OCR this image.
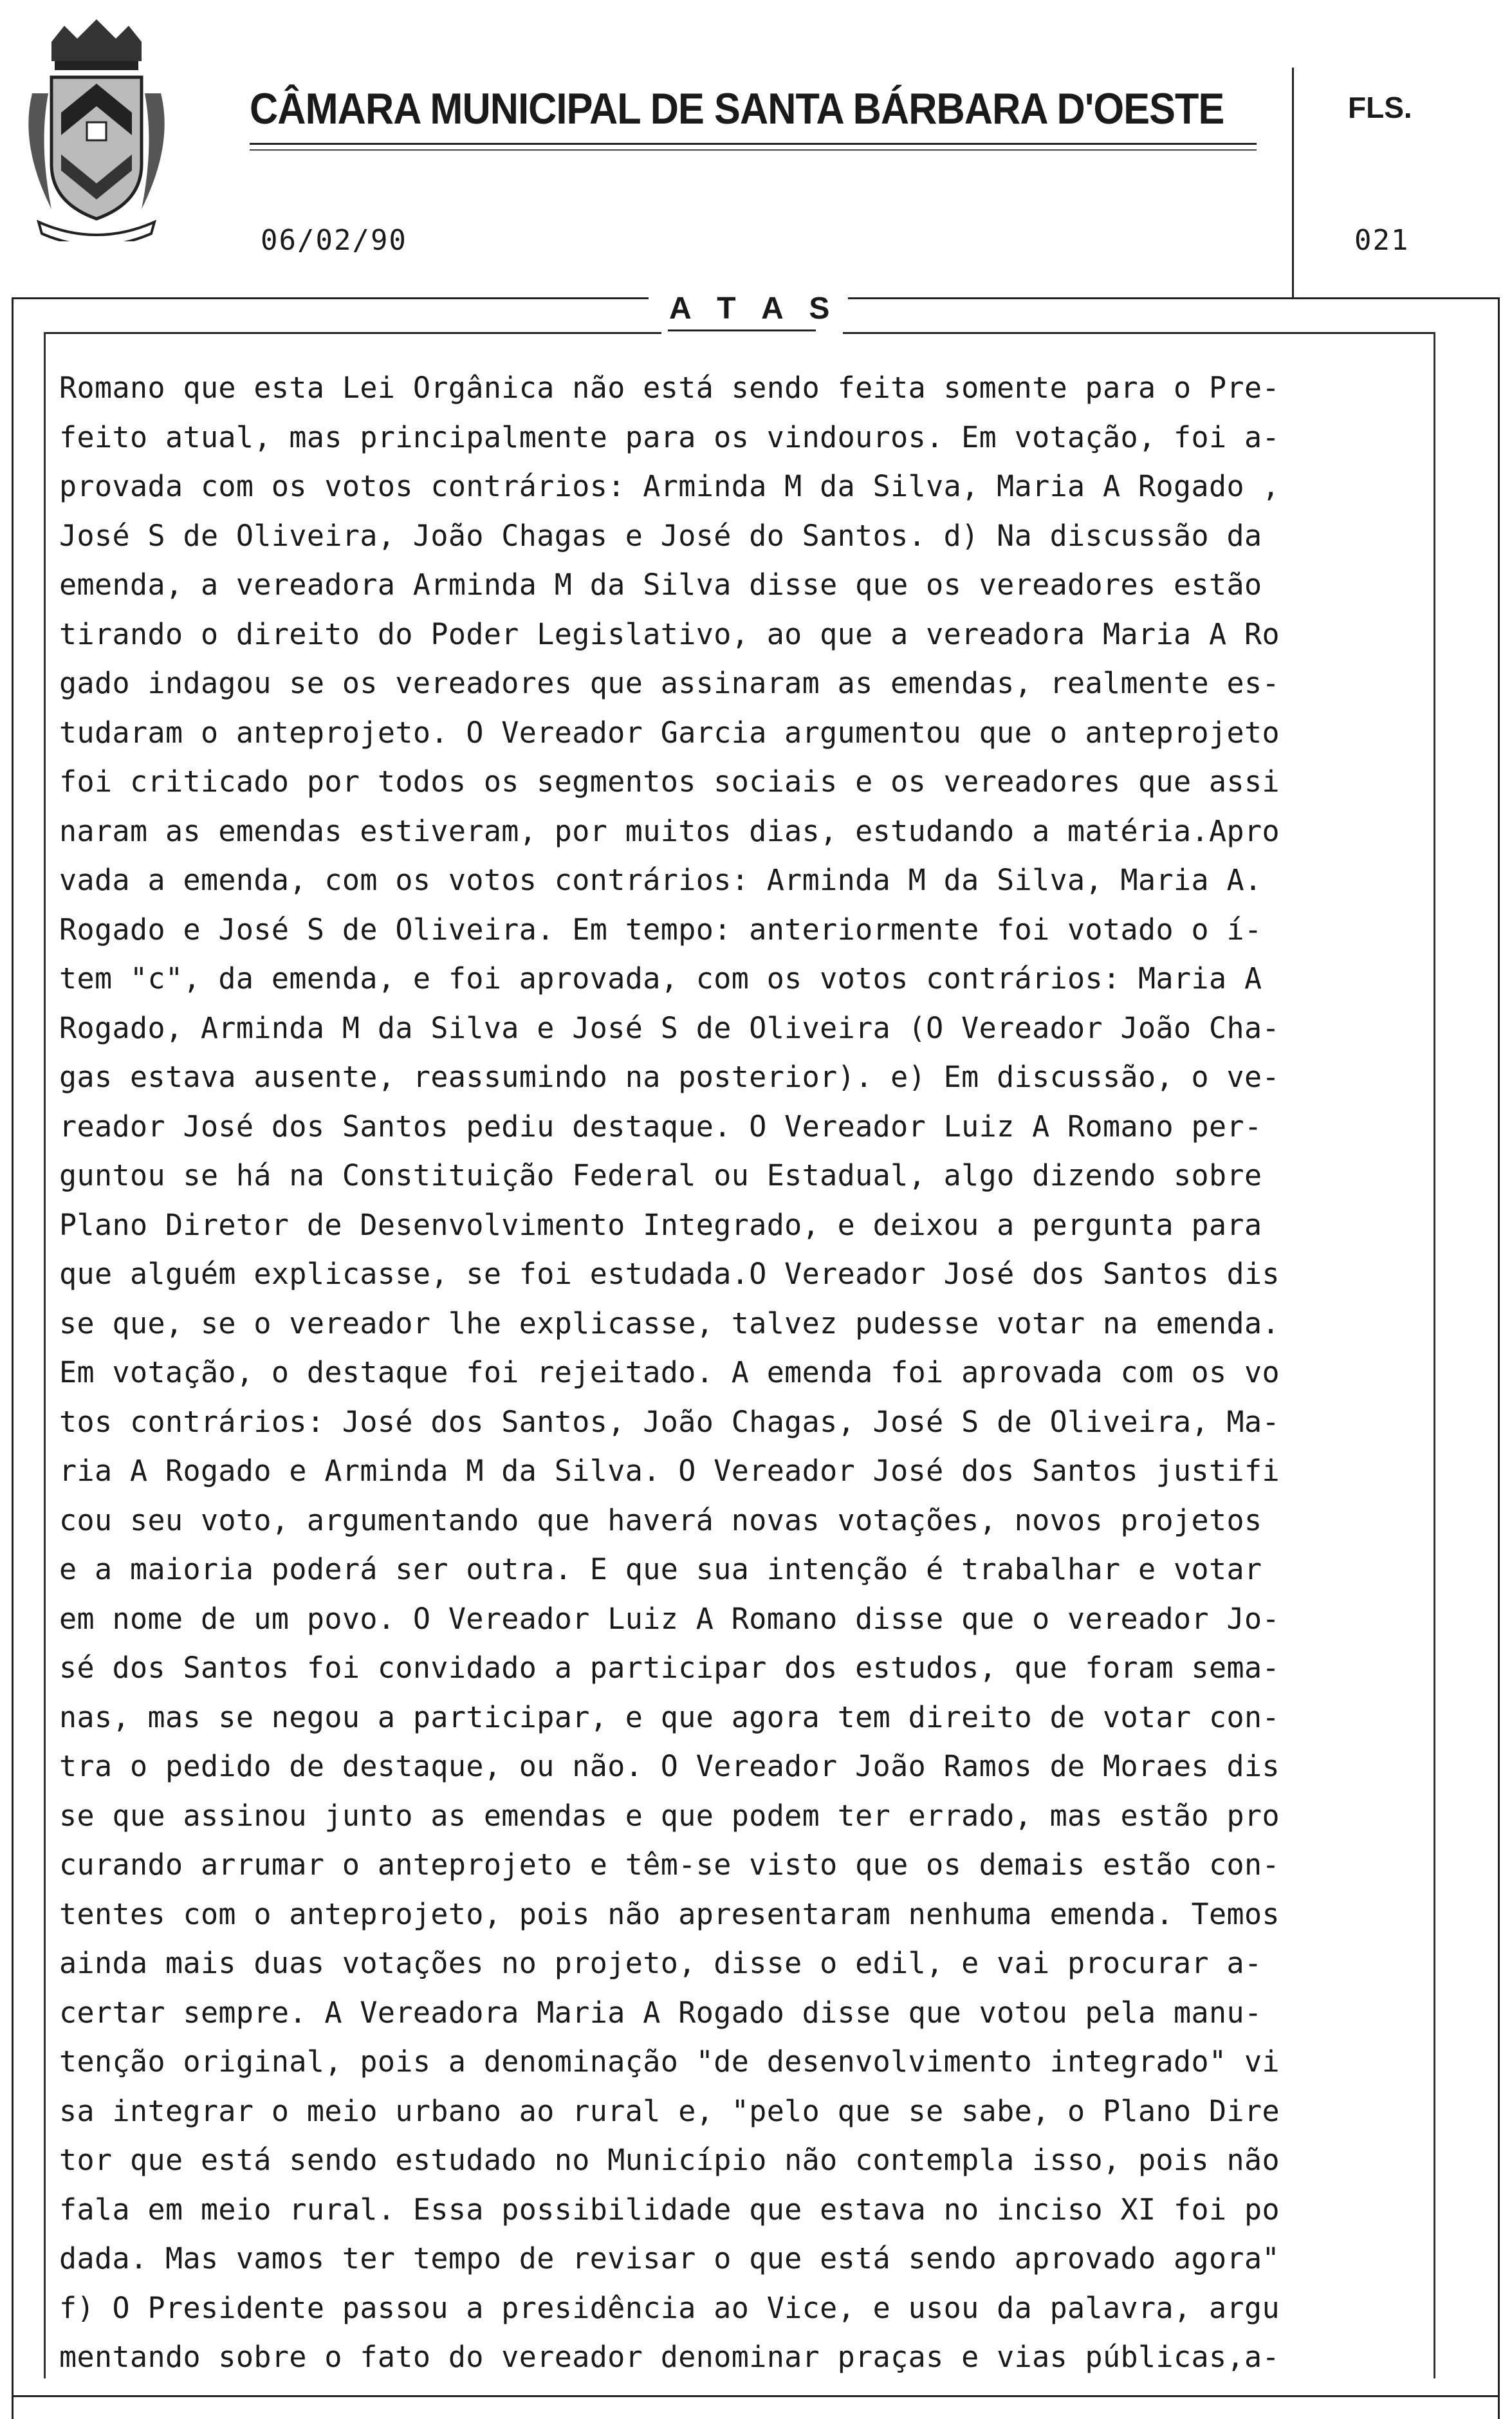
CÂMARA MUNICIPAL DE SANTA BÁRBARA D'OESTE	FLS.
06/02/90	021
A T A S
Romano que esta Lei Orgânica não está sendo feita somente para o Pre-
feito atual, mas principalmente para os vindouros. Em votação, foi a-
provada com os votos contrários: Arminda M da Silva, Maria A Rogado ,
José S de Oliveira, João Chagas e José do Santos. d) Na discussão da
emenda, a vereadora Arminda M da Silva disse que os vereadores estão
tirando o direito do Poder Legislativo, ao que a vereadora Maria A Ro
gado indagou se os vereadores que assinaram as emendas, realmente es-
tudaram o anteprojeto. O Vereador Garcia argumentou que o anteprojeto
foi criticado por todos os segmentos sociais e os vereadores que assi
naram as emendas estiveram, por muitos dias, estudando a matéria.Apro
vada a emenda, com os votos contrários: Arminda M da Silva, Maria A.
Rogado e José S de Oliveira. Em tempo: anteriormente foi votado o í-
tem "c", da emenda, e foi aprovada, com os votos contrários: Maria A
Rogado, Arminda M da Silva e José S de Oliveira (O Vereador João Cha-
gas estava ausente, reassumindo na posterior). e) Em discussão, o ve-
reador José dos Santos pediu destaque. O Vereador Luiz A Romano per-
guntou se há na Constituição Federal ou Estadual, algo dizendo sobre
Plano Diretor de Desenvolvimento Integrado, e deixou a pergunta para
que alguém explicasse, se foi estudada.O Vereador José dos Santos dis
se que, se o vereador lhe explicasse, talvez pudesse votar na emenda.
Em votação, o destaque foi rejeitado. A emenda foi aprovada com os vo
tos contrários: José dos Santos, João Chagas, José S de Oliveira, Ma-
ria A Rogado e Arminda M da Silva. O Vereador José dos Santos justifi
cou seu voto, argumentando que haverá novas votações, novos projetos
e a maioria poderá ser outra. E que sua intenção é trabalhar e votar
em nome de um povo. O Vereador Luiz A Romano disse que o vereador Jo-
sé dos Santos foi convidado a participar dos estudos, que foram sema-
nas, mas se negou a participar, e que agora tem direito de votar con-
tra o pedido de destaque, ou não. O Vereador João Ramos de Moraes dis
se que assinou junto as emendas e que podem ter errado, mas estão pro
curando arrumar o anteprojeto e têm-se visto que os demais estão con-
tentes com o anteprojeto, pois não apresentaram nenhuma emenda. Temos
ainda mais duas votações no projeto, disse o edil, e vai procurar a-
certar sempre. A Vereadora Maria A Rogado disse que votou pela manu-
tenção original, pois a denominação "de desenvolvimento integrado" vi
sa integrar o meio urbano ao rural e, "pelo que se sabe, o Plano Dire
tor que está sendo estudado no Município não contempla isso, pois não
fala em meio rural. Essa possibilidade que estava no inciso XI foi po
dada. Mas vamos ter tempo de revisar o que está sendo aprovado agora"
f) O Presidente passou a presidência ao Vice, e usou da palavra, argu
mentando sobre o fato do vereador denominar praças e vias públicas,a-
